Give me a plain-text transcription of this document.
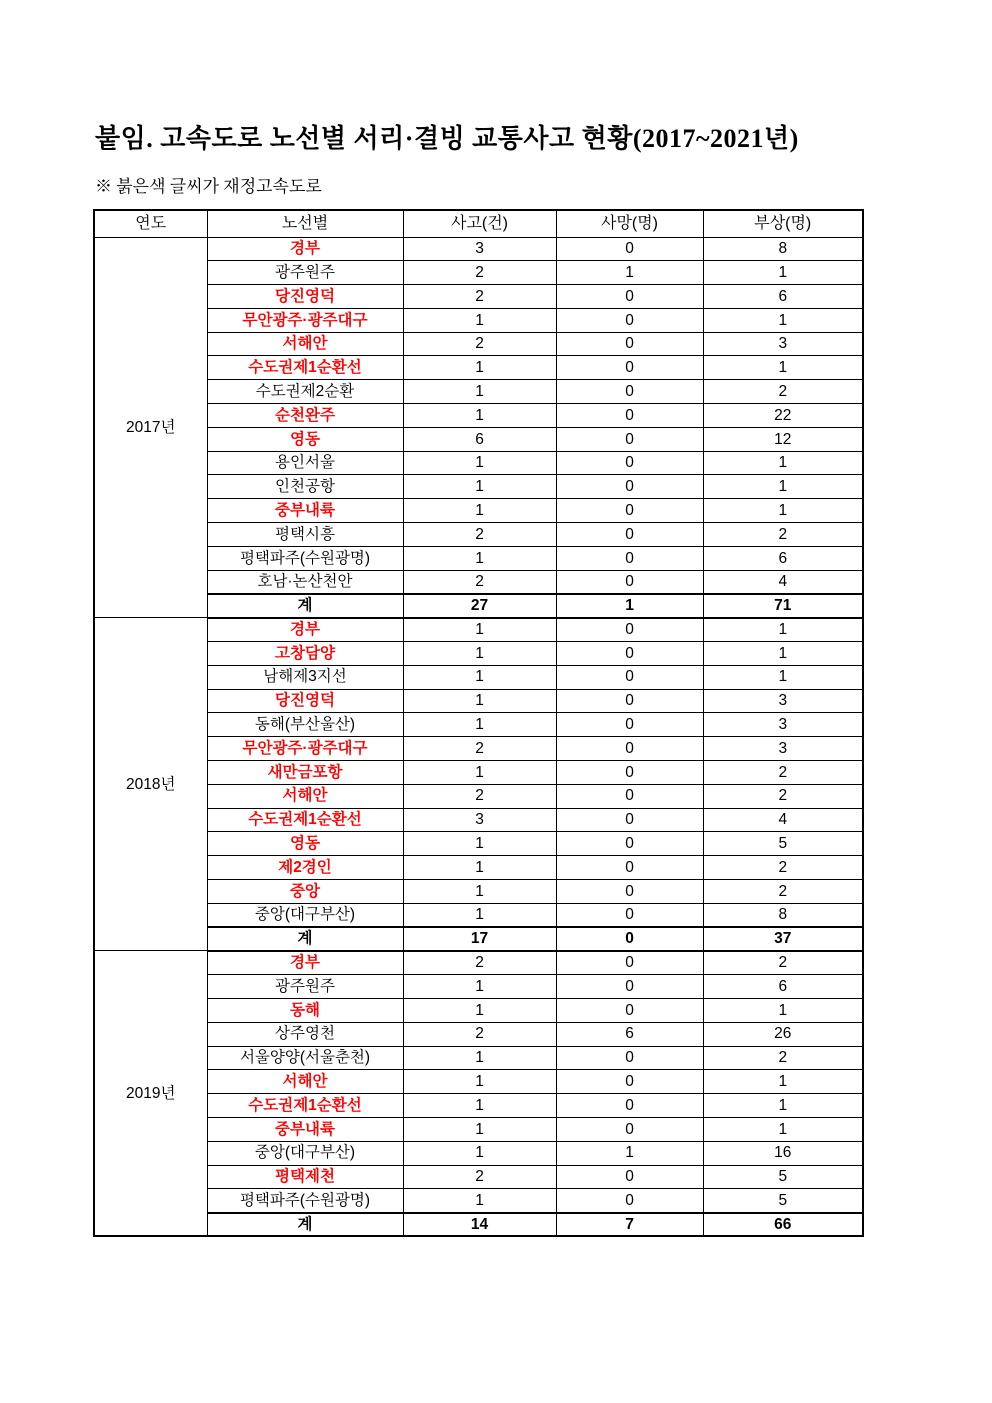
붙임. 고속도로 노선별 서리·결빙 교통사고 현황(2017~2021년)
※ 붉은색 글씨가 재정고속도로
연도	노선별	사고(건)	사망(명)	부상(명)
2017년	경부	3	0	8
	광주원주	2	1	1
	당진영덕	2	0	6
	무안광주·광주대구	1	0	1
	서해안	2	0	3
	수도권제1순환선	1	0	1
	수도권제2순환	1	0	2
	순천완주	1	0	22
	영동	6	0	12
	용인서울	1	0	1
	인천공항	1	0	1
	중부내륙	1	0	1
	평택시흥	2	0	2
	평택파주(수원광명)	1	0	6
	호남·논산천안	2	0	4
	계	27	1	71
2018년	경부	1	0	1
	고창담양	1	0	1
	남해제3지선	1	0	1
	당진영덕	1	0	3
	동해(부산울산)	1	0	3
	무안광주·광주대구	2	0	3
	새만금포항	1	0	2
	서해안	2	0	2
	수도권제1순환선	3	0	4
	영동	1	0	5
	제2경인	1	0	2
	중앙	1	0	2
	중앙(대구부산)	1	0	8
	계	17	0	37
2019년	경부	2	0	2
	광주원주	1	0	6
	동해	1	0	1
	상주영천	2	6	26
	서울양양(서울춘천)	1	0	2
	서해안	1	0	1
	수도권제1순환선	1	0	1
	중부내륙	1	0	1
	중앙(대구부산)	1	1	16
	평택제천	2	0	5
	평택파주(수원광명)	1	0	5
	계	14	7	66
